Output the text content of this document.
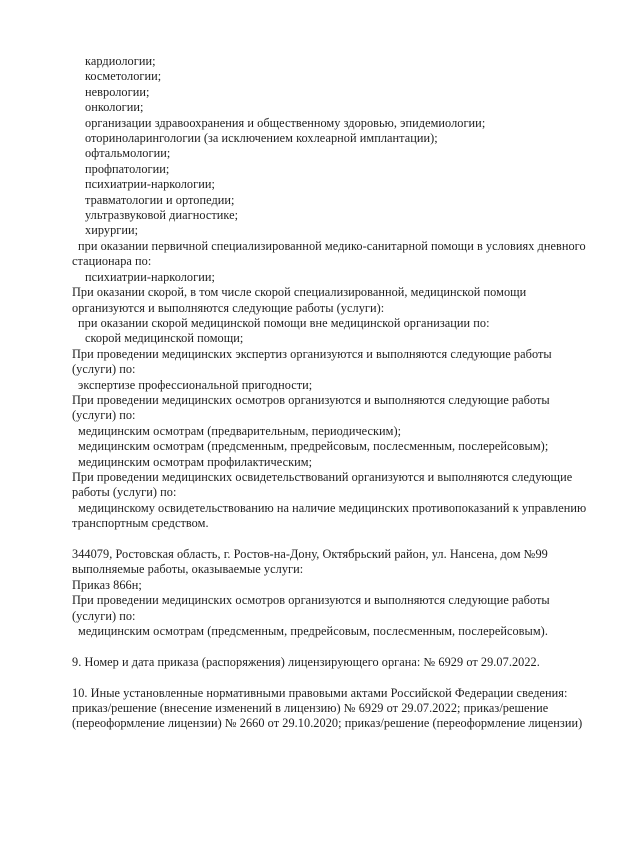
кардиологии;
косметологии;
неврологии;
онкологии;
организации здравоохранения и общественному здоровью, эпидемиологии;
оториноларингологии (за исключением кохлеарной имплантации);
офтальмологии;
профпатологии;
психиатрии-наркологии;
травматологии и ортопедии;
ультразвуковой диагностике;
хирургии;
при оказании первичной специализированной медико-санитарной помощи в условиях дневного
стационара по:
психиатрии-наркологии;
При оказании скорой, в том числе скорой специализированной, медицинской помощи
организуются и выполняются следующие работы (услуги):
при оказании скорой медицинской помощи вне медицинской организации по:
скорой медицинской помощи;
При проведении медицинских экспертиз организуются и выполняются следующие работы
(услуги) по:
экспертизе профессиональной пригодности;
При проведении медицинских осмотров организуются и выполняются следующие работы
(услуги) по:
медицинским осмотрам (предварительным, периодическим);
медицинским осмотрам (предсменным, предрейсовым, послесменным, послерейсовым);
медицинским осмотрам профилактическим;
При проведении медицинских освидетельствований организуются и выполняются следующие
работы (услуги) по:
медицинскому освидетельствованию на наличие медицинских противопоказаний к управлению
транспортным средством.
344079, Ростовская область, г. Ростов-на-Дону, Октябрьский район, ул. Нансена, дом №99
выполняемые работы, оказываемые услуги:
Приказ 866н;
При проведении медицинских осмотров организуются и выполняются следующие работы
(услуги) по:
медицинским осмотрам (предсменным, предрейсовым, послесменным, послерейсовым).
9. Номер и дата приказа (распоряжения) лицензирующего органа: № 6929 от 29.07.2022.
10. Иные установленные нормативными правовыми актами Российской Федерации сведения:
приказ/решение (внесение изменений в лицензию) № 6929 от 29.07.2022; приказ/решение
(переоформление лицензии) № 2660 от 29.10.2020; приказ/решение (переоформление лицензии)
